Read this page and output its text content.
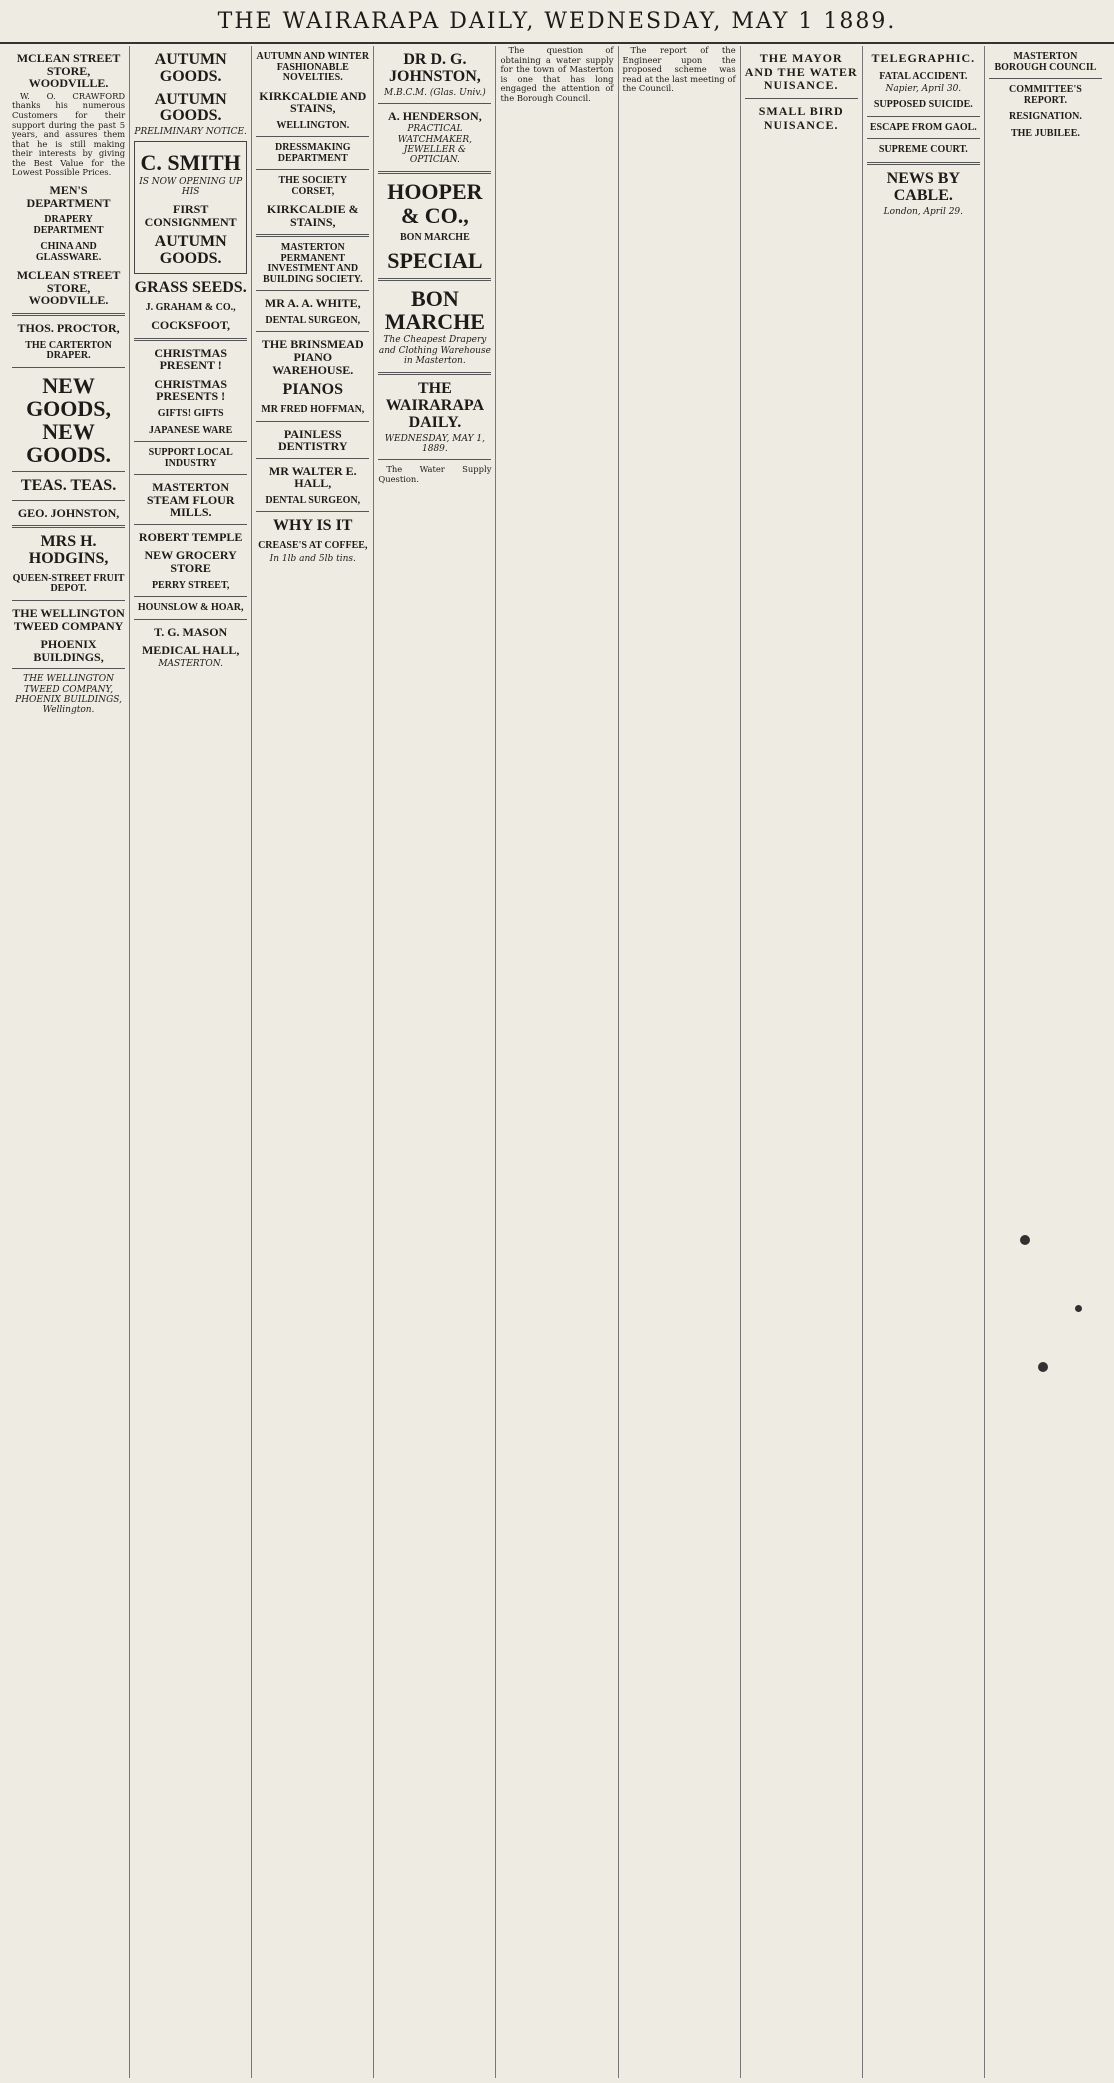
THE WAIRARAPA DAILY, WEDNESDAY, MAY 1 1889.
MCLEAN STREET STORE, WOODVILLE.
W. O. CRAWFORD thanks his numerous Customers for their support during the past 5 years, and assures them that he is still making their interests by giving the Best Value for the Lowest Possible Prices.
MEN'S DEPARTMENT
DRAPERY DEPARTMENT
CHINA AND GLASSWARE.
MCLEAN STREET STORE, WOODVILLE.
THOS. PROCTOR,
THE CARTERTON DRAPER.
NEW GOODS, NEW GOODS.
TEAS. TEAS.
GEO. JOHNSTON,
MRS H. HODGINS,
QUEEN-STREET FRUIT DEPOT.
THE WELLINGTON TWEED COMPANY
PHOENIX BUILDINGS,
THE WELLINGTON TWEED COMPANY, PHOENIX BUILDINGS, Wellington.
AUTUMN GOODS.
AUTUMN GOODS.
PRELIMINARY NOTICE.
C. SMITH
IS NOW OPENING UP HIS
FIRST CONSIGNMENT
AUTUMN GOODS.
GRASS SEEDS.
J. GRAHAM & CO.,
COCKSFOOT,
CHRISTMAS PRESENT !
CHRISTMAS PRESENTS !
GIFTS! GIFTS
JAPANESE WARE
SUPPORT LOCAL INDUSTRY
MASTERTON STEAM FLOUR MILLS.
ROBERT TEMPLE
NEW GROCERY STORE
PERRY STREET,
HOUNSLOW & HOAR,
T. G. MASON
MEDICAL HALL,
MASTERTON.
AUTUMN AND WINTER FASHIONABLE NOVELTIES.
KIRKCALDIE AND STAINS,
WELLINGTON.
DRESSMAKING DEPARTMENT
THE SOCIETY CORSET,
KIRKCALDIE & STAINS,
MASTERTON PERMANENT INVESTMENT AND BUILDING SOCIETY.
MR A. A. WHITE,
DENTAL SURGEON,
THE BRINSMEAD PIANO WAREHOUSE.
PIANOS
MR FRED HOFFMAN,
PAINLESS DENTISTRY
MR WALTER E. HALL,
DENTAL SURGEON,
WHY IS IT
CREASE'S AT COFFEE,
In 1lb and 5lb tins.
DR D. G. JOHNSTON,
M.B.C.M. (Glas. Univ.)
A. HENDERSON,
PRACTICAL WATCHMAKER, JEWELLER & OPTICIAN.
HOOPER & CO.,
BON MARCHE
SPECIAL
BON MARCHE
The Cheapest Drapery and Clothing Warehouse in Masterton.
THE WAIRARAPA DAILY.
WEDNESDAY, MAY 1, 1889.
The Water Supply Question.
The question of obtaining a water supply for the town of Masterton is one that has long engaged the attention of the Borough Council.
The report of the Engineer upon the proposed scheme was read at the last meeting of the Council.
THE MAYOR AND THE WATER NUISANCE.
SMALL BIRD NUISANCE.
TELEGRAPHIC.
FATAL ACCIDENT.
Napier, April 30.
SUPPOSED SUICIDE.
ESCAPE FROM GAOL.
SUPREME COURT.
NEWS BY CABLE.
London, April 29.
MASTERTON BOROUGH COUNCIL
COMMITTEE'S REPORT.
RESIGNATION.
THE JUBILEE.
